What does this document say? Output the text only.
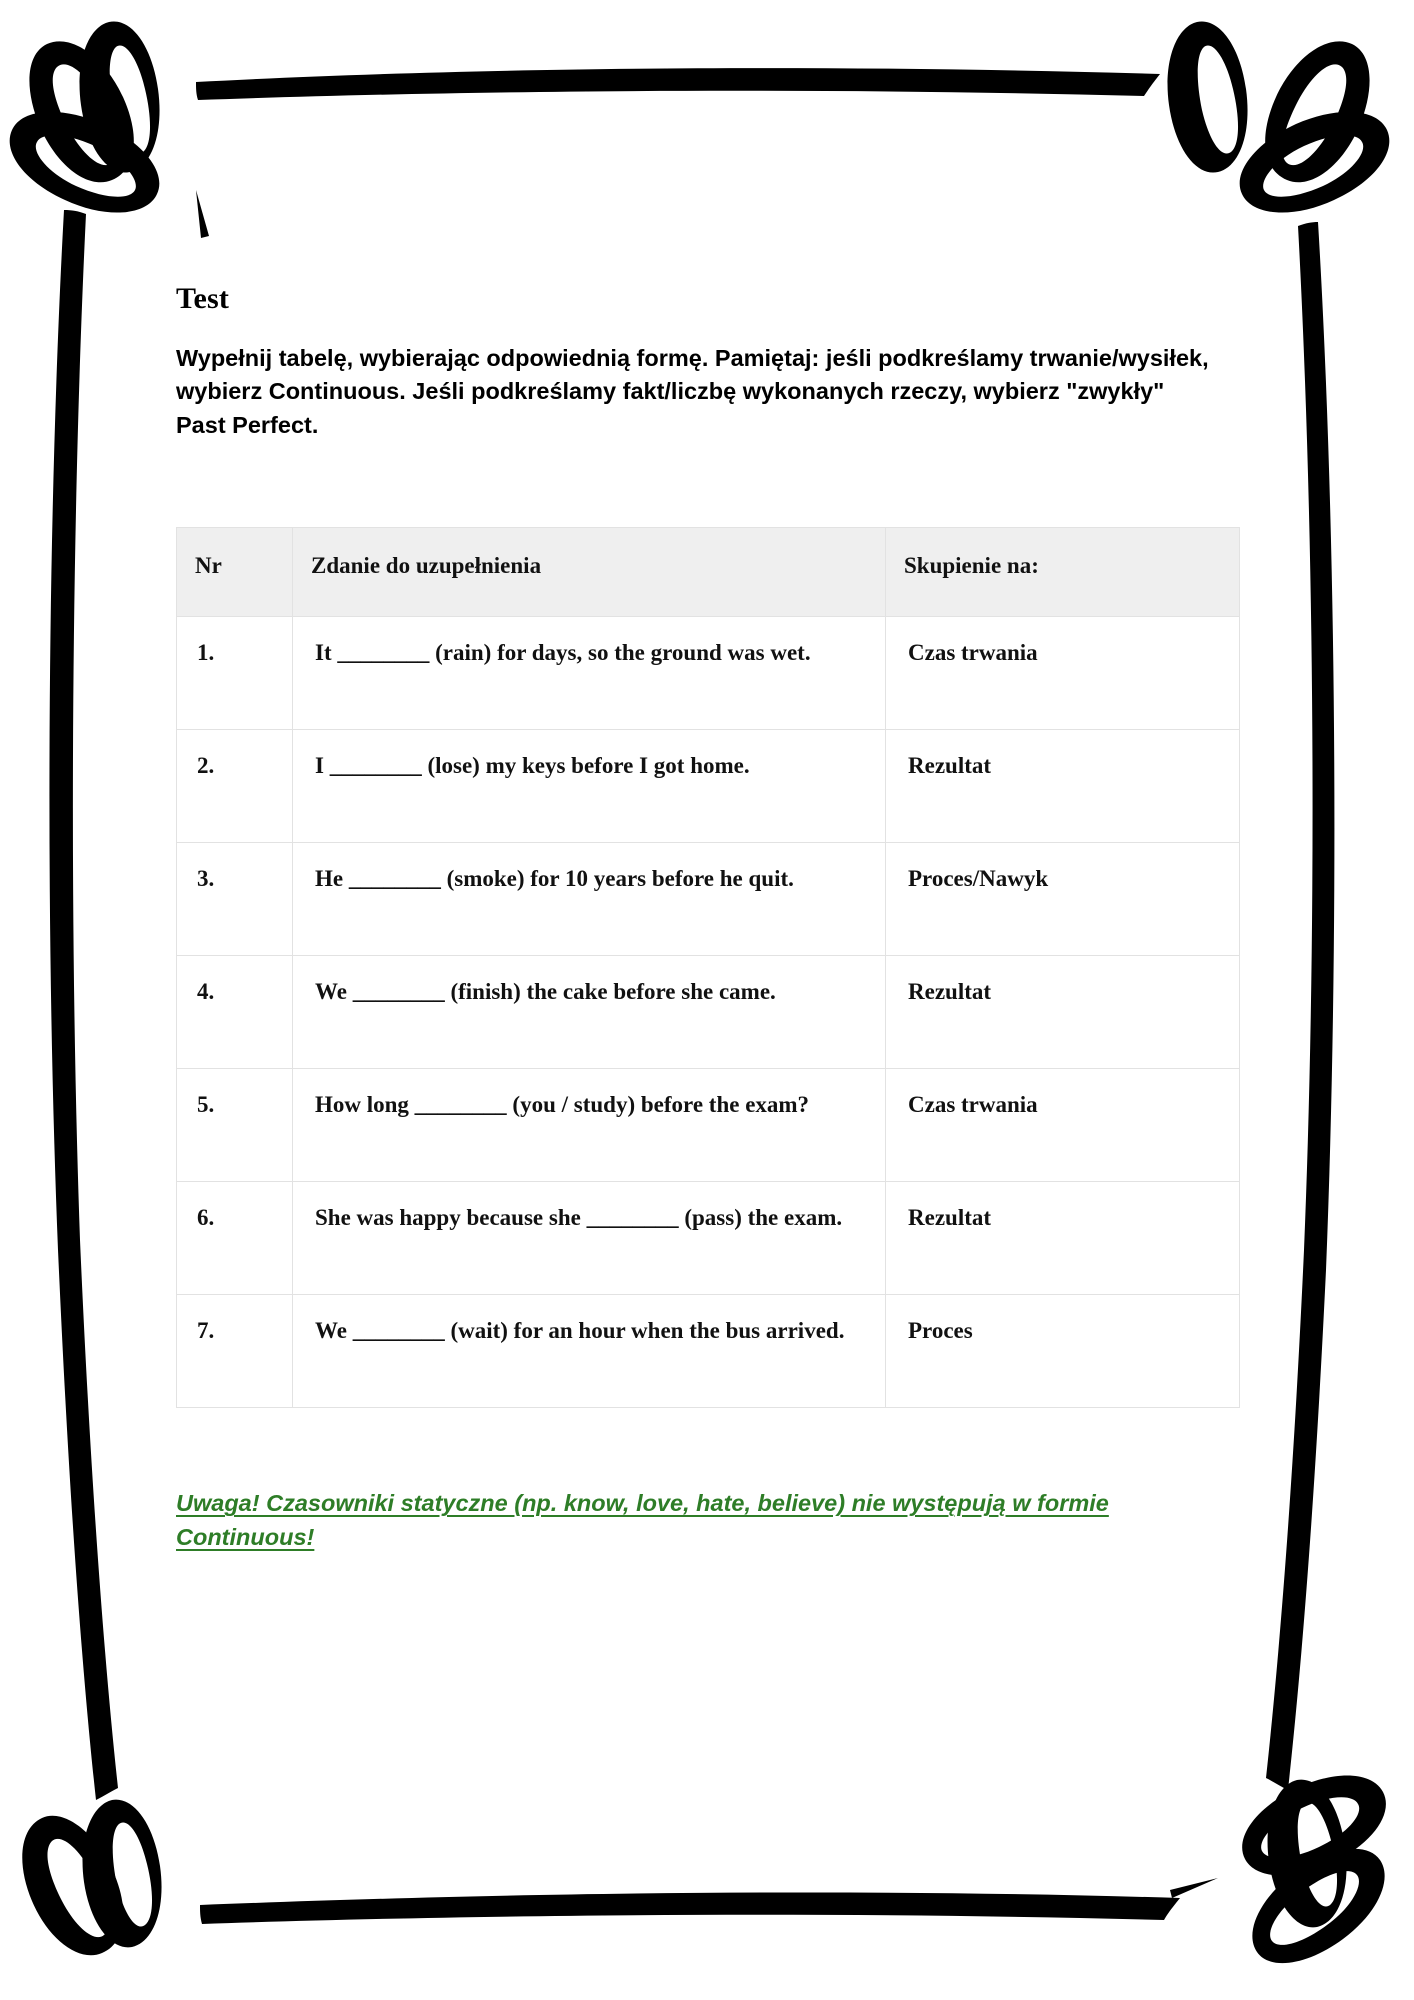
Test

Wypełnij tabelę, wybierając odpowiednią formę. Pamiętaj: jeśli podkreślamy trwanie/wysiłek, wybierz Continuous. Jeśli podkreślamy fakt/liczbę wykonanych rzeczy, wybierz "zwykły" Past Perfect.

Nr	Zdanie do uzupełnienia	Skupienie na:
1.	It ________ (rain) for days, so the ground was wet.	Czas trwania
2.	I ________ (lose) my keys before I got home.	Rezultat
3.	He ________ (smoke) for 10 years before he quit.	Proces/Nawyk
4.	We ________ (finish) the cake before she came.	Rezultat
5.	How long ________ (you / study) before the exam?	Czas trwania
6.	She was happy because she ________ (pass) the exam.	Rezultat
7.	We ________ (wait) for an hour when the bus arrived.	Proces

Uwaga! Czasowniki statyczne (np. know, love, hate, believe) nie występują w formie Continuous!
